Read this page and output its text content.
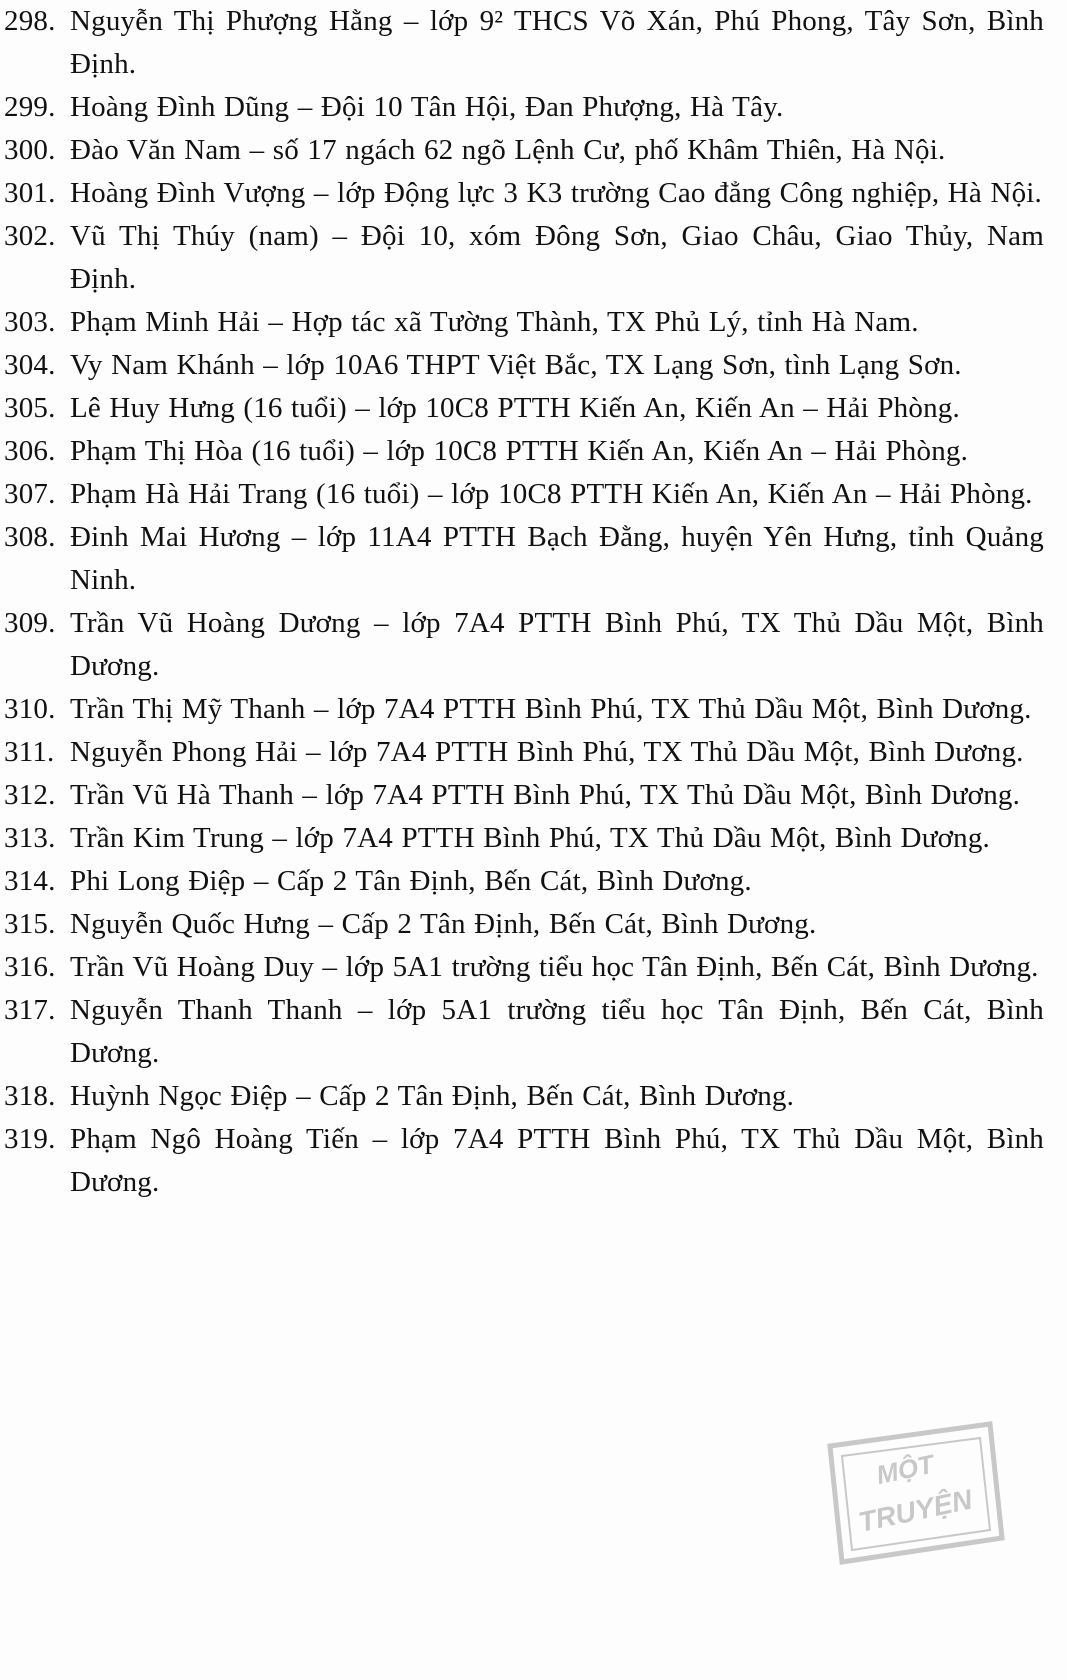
298. Nguyễn Thị Phượng Hằng – lớp 9² THCS Võ Xán, Phú Phong, Tây Sơn, Bình Định.
299. Hoàng Đình Dũng – Đội 10 Tân Hội, Đan Phượng, Hà Tây.
300. Đào Văn Nam – số 17 ngách 62 ngõ Lệnh Cư, phố Khâm Thiên, Hà Nội.
301. Hoàng Đình Vượng – lớp Động lực 3 K3 trường Cao đẳng Công nghiệp, Hà Nội.
302. Vũ Thị Thúy (nam) – Đội 10, xóm Đông Sơn, Giao Châu, Giao Thủy, Nam Định.
303. Phạm Minh Hải – Hợp tác xã Tường Thành, TX Phủ Lý, tỉnh Hà Nam.
304. Vy Nam Khánh – lớp 10A6 THPT Việt Bắc, TX Lạng Sơn, tình Lạng Sơn.
305. Lê Huy Hưng (16 tuổi) – lớp 10C8 PTTH Kiến An, Kiến An – Hải Phòng.
306. Phạm Thị Hòa (16 tuổi) – lớp 10C8 PTTH Kiến An, Kiến An – Hải Phòng.
307. Phạm Hà Hải Trang (16 tuổi) – lớp 10C8 PTTH Kiến An, Kiến An – Hải Phòng.
308. Đinh Mai Hương – lớp 11A4 PTTH Bạch Đằng, huyện Yên Hưng, tỉnh Quảng Ninh.
309. Trần Vũ Hoàng Dương – lớp 7A4 PTTH Bình Phú, TX Thủ Dầu Một, Bình Dương.
310. Trần Thị Mỹ Thanh – lớp 7A4 PTTH Bình Phú, TX Thủ Dầu Một, Bình Dương.
311. Nguyễn Phong Hải – lớp 7A4 PTTH Bình Phú, TX Thủ Dầu Một, Bình Dương.
312. Trần Vũ Hà Thanh – lớp 7A4 PTTH Bình Phú, TX Thủ Dầu Một, Bình Dương.
313. Trần Kim Trung – lớp 7A4 PTTH Bình Phú, TX Thủ Dầu Một, Bình Dương.
314. Phi Long Điệp – Cấp 2 Tân Định, Bến Cát, Bình Dương.
315. Nguyễn Quốc Hưng – Cấp 2 Tân Định, Bến Cát, Bình Dương.
316. Trần Vũ Hoàng Duy – lớp 5A1 trường tiểu học Tân Định, Bến Cát, Bình Dương.
317. Nguyễn Thanh Thanh – lớp 5A1 trường tiểu học Tân Định, Bến Cát, Bình Dương.
318. Huỳnh Ngọc Điệp – Cấp 2 Tân Định, Bến Cát, Bình Dương.
319. Phạm Ngô Hoàng Tiến – lớp 7A4 PTTH Bình Phú, TX Thủ Dầu Một, Bình Dương.
MỘT
TRUYỆN
